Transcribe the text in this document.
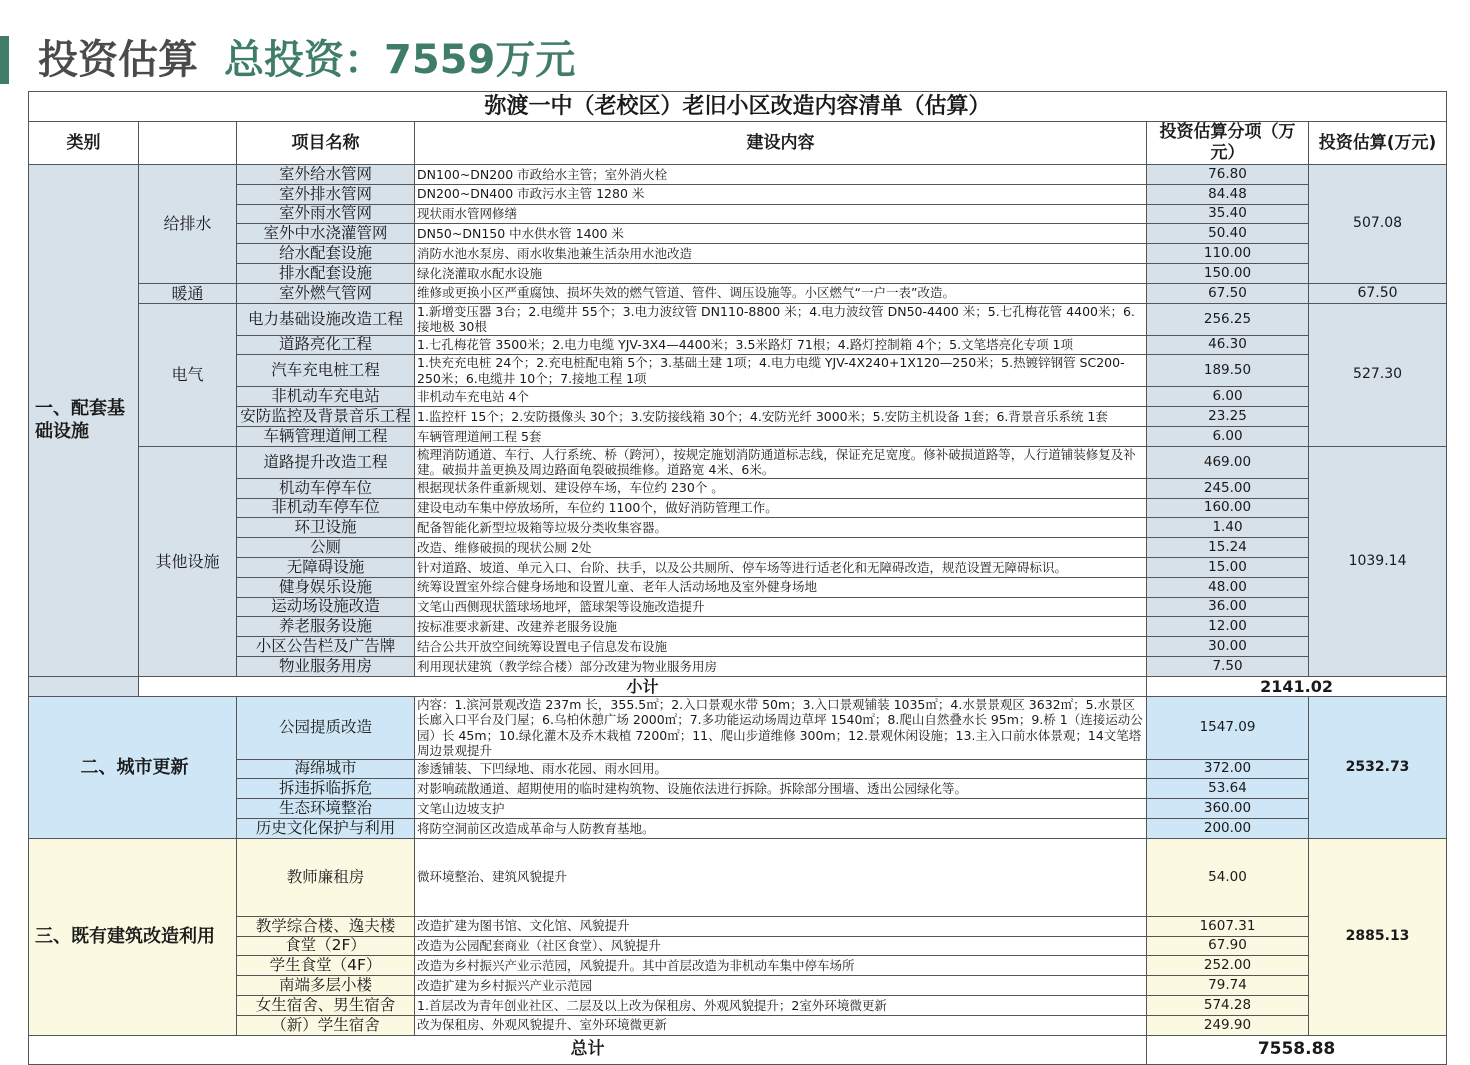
投资估算 总投资：7559万元
弥渡一中（老校区）老旧小区改造内容清单（估算）					
类别		项目名称	建设内容	投资估算分项（万元）	投资估算(万元)
一、配套基础设施	给排水	室外给水管网	DN100~DN200 市政给水主管；室外消火栓	76.80	507.08
		室外排水管网	DN200~DN400 市政污水主管 1280 米	84.48	
		室外雨水管网	现状雨水管网修缮	35.40	
		室外中水浇灌管网	DN50~DN150 中水供水管 1400 米	50.40	
		给水配套设施	消防水池水泵房、雨水收集池兼生活杂用水池改造	110.00	
		排水配套设施	绿化浇灌取水配水设施	150.00	
	暖通	室外燃气管网	维修或更换小区严重腐蚀、损坏失效的燃气管道、管件、调压设施等。小区燃气“一户一表”改造。	67.50	67.50
	电气	电力基础设施改造工程	1.新增变压器 3台；2.电缆井 55个；3.电力波纹管 DN110-8800 米；4.电力波纹管 DN50-4400 米；5.七孔梅花管 4400米；6.接地极 30根	256.25	527.30
		道路亮化工程	1.七孔梅花管 3500米；2.电力电缆 YJV-3X4—4400米；3.5米路灯 71根；4.路灯控制箱 4个；5.文笔塔亮化专项 1项	46.30	
		汽车充电桩工程	1.快充充电桩 24个；2.充电桩配电箱 5个；3.基础土建 1项；4.电力电缆 YJV-4X240+1X120—250米；5.热镀锌钢管 SC200-250米；6.电缆井 10个；7.接地工程 1项	189.50	
		非机动车充电站	非机动车充电站 4个	6.00	
		安防监控及背景音乐工程	1.监控杆 15个；2.安防摄像头 30个；3.安防接线箱 30个；4.安防光纤 3000米；5.安防主机设备 1套；6.背景音乐系统 1套	23.25	
		车辆管理道闸工程	车辆管理道闸工程 5套	6.00	
	其他设施	道路提升改造工程	梳理消防通道、车行、人行系统、桥（跨河），按规定施划消防通道标志线，保证充足宽度。修补破损道路等，人行道铺装修复及补建。破损井盖更换及周边路面龟裂破损维修。道路宽 4米、6米。	469.00	1039.14
		机动车停车位	根据现状条件重新规划、建设停车场，车位约 230个 。	245.00	
		非机动车停车位	建设电动车集中停放场所，车位约 1100个，做好消防管理工作。	160.00	
		环卫设施	配备智能化新型垃圾箱等垃圾分类收集容器。	1.40	
		公厕	改造、维修破损的现状公厕 2处	15.24	
		无障碍设施	针对道路、坡道、单元入口、台阶、扶手，以及公共厕所、停车场等进行适老化和无障碍改造，规范设置无障碍标识。	15.00	
		健身娱乐设施	统筹设置室外综合健身场地和设置儿童、老年人活动场地及室外健身场地	48.00	
		运动场设施改造	文笔山西侧现状篮球场地坪，篮球架等设施改造提升	36.00	
		养老服务设施	按标准要求新建、改建养老服务设施	12.00	
		小区公告栏及广告牌	结合公共开放空间统筹设置电子信息发布设施	30.00	
		物业服务用房	利用现状建筑（教学综合楼）部分改建为物业服务用房	7.50	
	小计			2141.02	
二、城市更新		公园提质改造	内容：1.滨河景观改造 237m 长，355.5㎡；2.入口景观水带 50m；3.入口景观铺装 1035㎡；4.水景景观区 3632㎡；5.水景区长廊入口平台及门屋；6.乌柏休憩广场 2000㎡；7.多功能运动场周边草坪 1540㎡；8.爬山自然叠水长 95m；9.桥 1（连接运动公园）长 45m；10.绿化灌木及乔木栽植 7200㎡；11、爬山步道维修 300m；12.景观休闲设施；13.主入口前水体景观；14文笔塔周边景观提升	1547.09	2532.73
		海绵城市	渗透铺装、下凹绿地、雨水花园、雨水回用。	372.00	
		拆违拆临拆危	对影响疏散通道、超期使用的临时建构筑物、设施依法进行拆除。拆除部分围墙、透出公园绿化等。	53.64	
		生态环境整治	文笔山边坡支护	360.00	
		历史文化保护与利用	将防空洞前区改造成革命与人防教育基地。	200.00	
三、既有建筑改造利用		教师廉租房	微环境整治、建筑风貌提升	54.00	2885.13
		教学综合楼、逸夫楼	改造扩建为图书馆、文化馆、风貌提升	1607.31	
		食堂（2F）	改造为公园配套商业（社区食堂）、风貌提升	67.90	
		学生食堂（4F）	改造为乡村振兴产业示范园，风貌提升。其中首层改造为非机动车集中停车场所	252.00	
		南端多层小楼	改造扩建为乡村振兴产业示范园	79.74	
		女生宿舍、男生宿舍	1.首层改为青年创业社区、二层及以上改为保租房、外观风貌提升；2室外环境微更新	574.28	
		（新）学生宿舍	改为保租房、外观风貌提升、室外环境微更新	249.90	
总计				7558.88	
